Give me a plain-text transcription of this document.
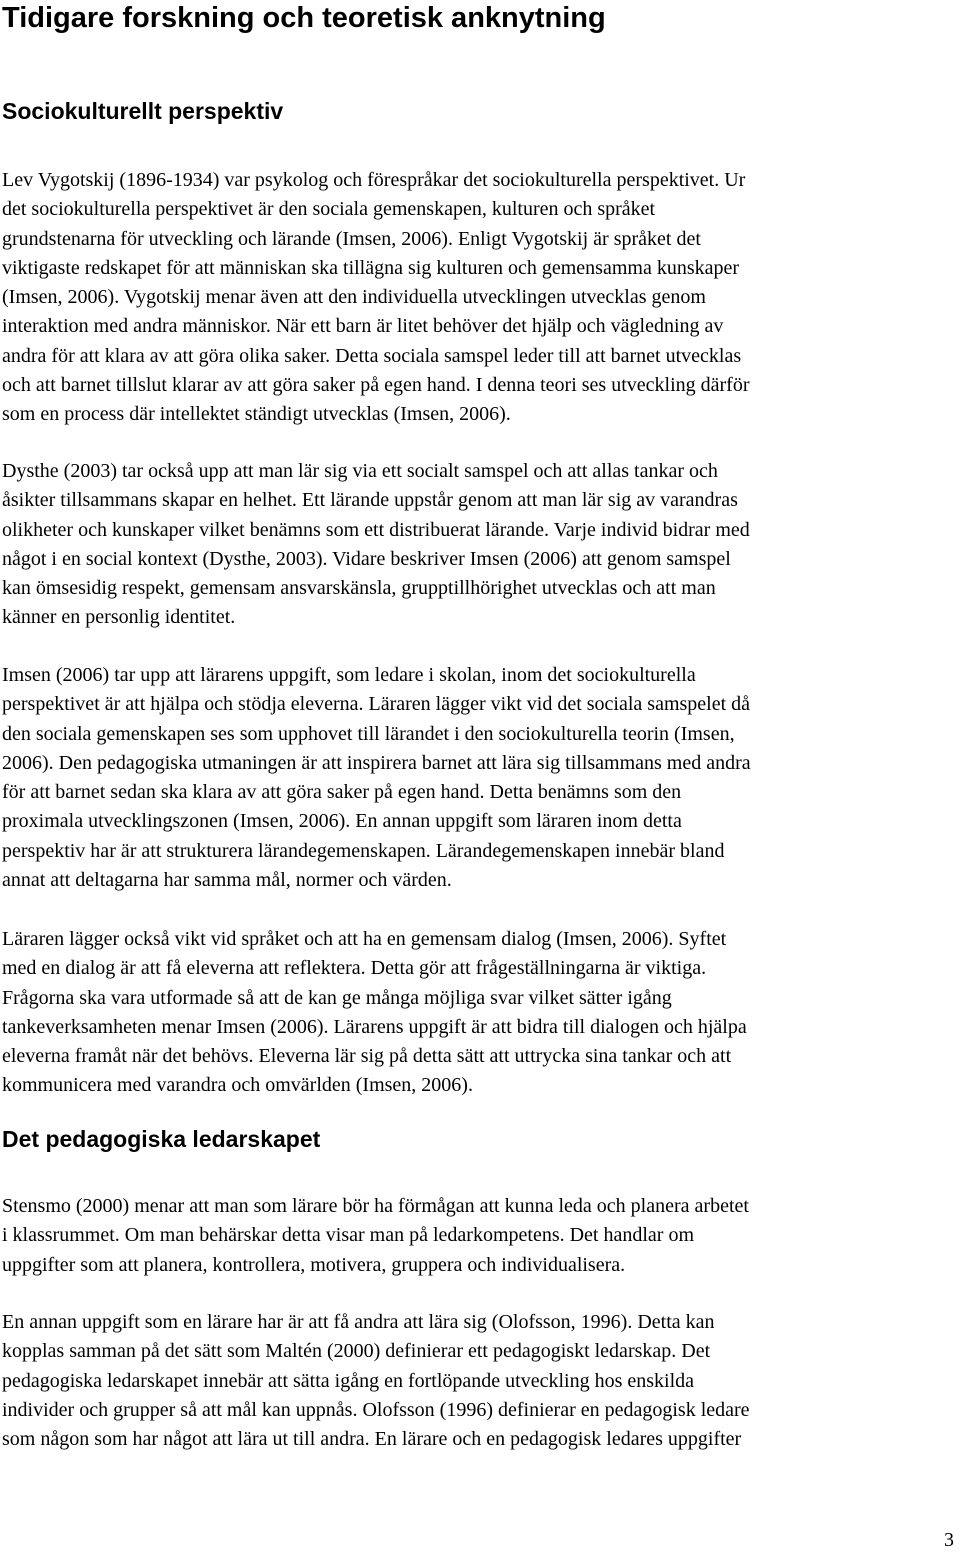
Tidigare forskning och teoretisk anknytning
Sociokulturellt perspektiv
Lev Vygotskij (1896-1934) var psykolog och förespråkar det sociokulturella perspektivet. Ur
det sociokulturella perspektivet är den sociala gemenskapen, kulturen och språket
grundstenarna för utveckling och lärande (Imsen, 2006). Enligt Vygotskij är språket det
viktigaste redskapet för att människan ska tillägna sig kulturen och gemensamma kunskaper
(Imsen, 2006). Vygotskij menar även att den individuella utvecklingen utvecklas genom
interaktion med andra människor. När ett barn är litet behöver det hjälp och vägledning av
andra för att klara av att göra olika saker. Detta sociala samspel leder till att barnet utvecklas
och att barnet tillslut klarar av att göra saker på egen hand. I denna teori ses utveckling därför
som en process där intellektet ständigt utvecklas (Imsen, 2006).
Dysthe (2003) tar också upp att man lär sig via ett socialt samspel och att allas tankar och
åsikter tillsammans skapar en helhet. Ett lärande uppstår genom att man lär sig av varandras
olikheter och kunskaper vilket benämns som ett distribuerat lärande. Varje individ bidrar med
något i en social kontext (Dysthe, 2003). Vidare beskriver Imsen (2006) att genom samspel
kan ömsesidig respekt, gemensam ansvarskänsla, grupptillhörighet utvecklas och att man
känner en personlig identitet.
Imsen (2006) tar upp att lärarens uppgift, som ledare i skolan, inom det sociokulturella
perspektivet är att hjälpa och stödja eleverna. Läraren lägger vikt vid det sociala samspelet då
den sociala gemenskapen ses som upphovet till lärandet i den sociokulturella teorin (Imsen,
2006). Den pedagogiska utmaningen är att inspirera barnet att lära sig tillsammans med andra
för att barnet sedan ska klara av att göra saker på egen hand. Detta benämns som den
proximala utvecklingszonen (Imsen, 2006). En annan uppgift som läraren inom detta
perspektiv har är att strukturera lärandegemenskapen. Lärandegemenskapen innebär bland
annat att deltagarna har samma mål, normer och värden.
Läraren lägger också vikt vid språket och att ha en gemensam dialog (Imsen, 2006). Syftet
med en dialog är att få eleverna att reflektera. Detta gör att frågeställningarna är viktiga.
Frågorna ska vara utformade så att de kan ge många möjliga svar vilket sätter igång
tankeverksamheten menar Imsen (2006). Lärarens uppgift är att bidra till dialogen och hjälpa
eleverna framåt när det behövs. Eleverna lär sig på detta sätt att uttrycka sina tankar och att
kommunicera med varandra och omvärlden (Imsen, 2006).
Det pedagogiska ledarskapet
Stensmo (2000) menar att man som lärare bör ha förmågan att kunna leda och planera arbetet
i klassrummet. Om man behärskar detta visar man på ledarkompetens. Det handlar om
uppgifter som att planera, kontrollera, motivera, gruppera och individualisera.
En annan uppgift som en lärare har är att få andra att lära sig (Olofsson, 1996). Detta kan
kopplas samman på det sätt som Maltén (2000) definierar ett pedagogiskt ledarskap. Det
pedagogiska ledarskapet innebär att sätta igång en fortlöpande utveckling hos enskilda
individer och grupper så att mål kan uppnås. Olofsson (1996) definierar en pedagogisk ledare
som någon som har något att lära ut till andra. En lärare och en pedagogisk ledares uppgifter
3
